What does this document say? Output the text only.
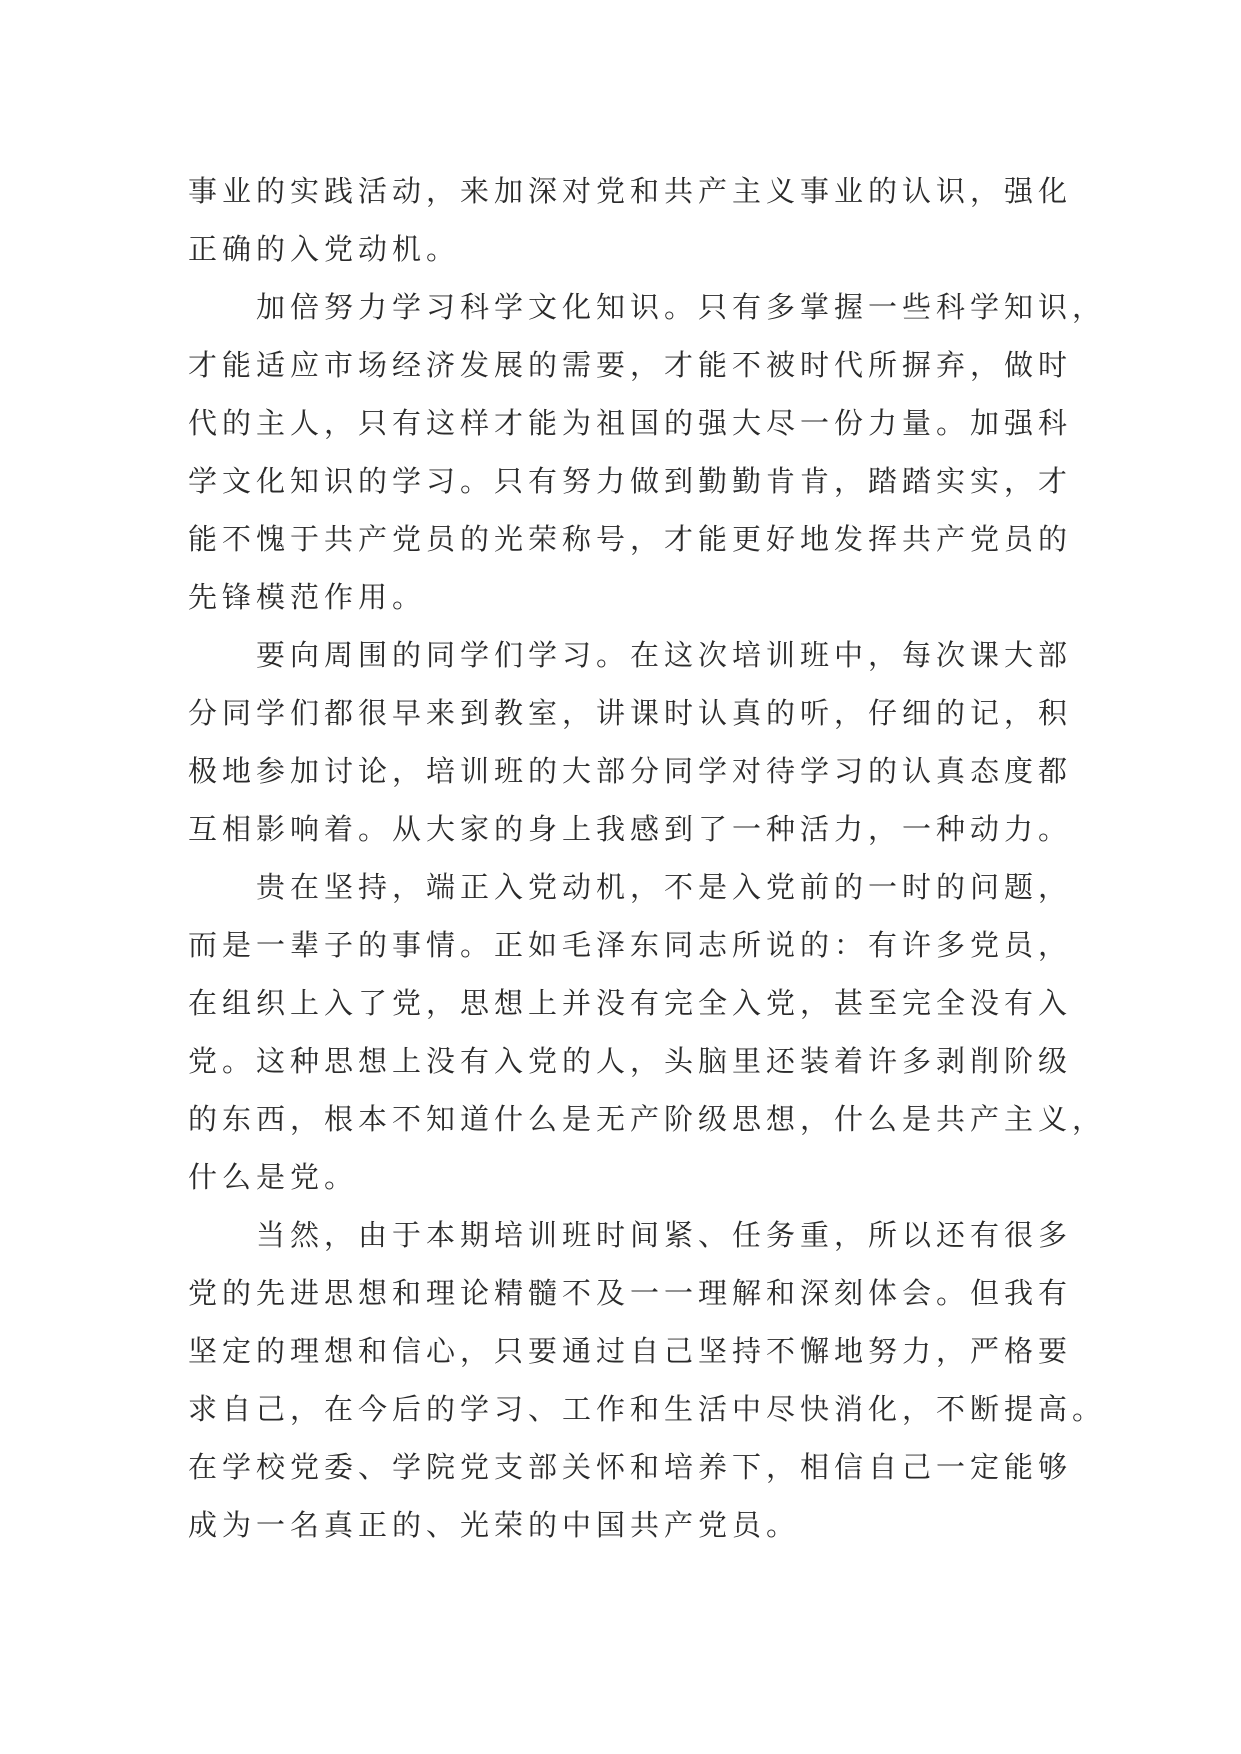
事业的实践活动，来加深对党和共产主义事业的认识，强化
正确的入党动机。
加倍努力学习科学文化知识。只有多掌握一些科学知识，
才能适应市场经济发展的需要，才能不被时代所摒弃，做时
代的主人，只有这样才能为祖国的强大尽一份力量。加强科
学文化知识的学习。只有努力做到勤勤肯肯，踏踏实实，才
能不愧于共产党员的光荣称号，才能更好地发挥共产党员的
先锋模范作用。
要向周围的同学们学习。在这次培训班中，每次课大部
分同学们都很早来到教室，讲课时认真的听，仔细的记，积
极地参加讨论，培训班的大部分同学对待学习的认真态度都
互相影响着。从大家的身上我感到了一种活力，一种动力。
贵在坚持，端正入党动机，不是入党前的一时的问题，
而是一辈子的事情。正如毛泽东同志所说的：有许多党员，
在组织上入了党，思想上并没有完全入党，甚至完全没有入
党。这种思想上没有入党的人，头脑里还装着许多剥削阶级
的东西，根本不知道什么是无产阶级思想，什么是共产主义，
什么是党。
当然，由于本期培训班时间紧、任务重，所以还有很多
党的先进思想和理论精髓不及一一理解和深刻体会。但我有
坚定的理想和信心，只要通过自己坚持不懈地努力，严格要
求自己，在今后的学习、工作和生活中尽快消化，不断提高。
在学校党委、学院党支部关怀和培养下，相信自己一定能够
成为一名真正的、光荣的中国共产党员。
